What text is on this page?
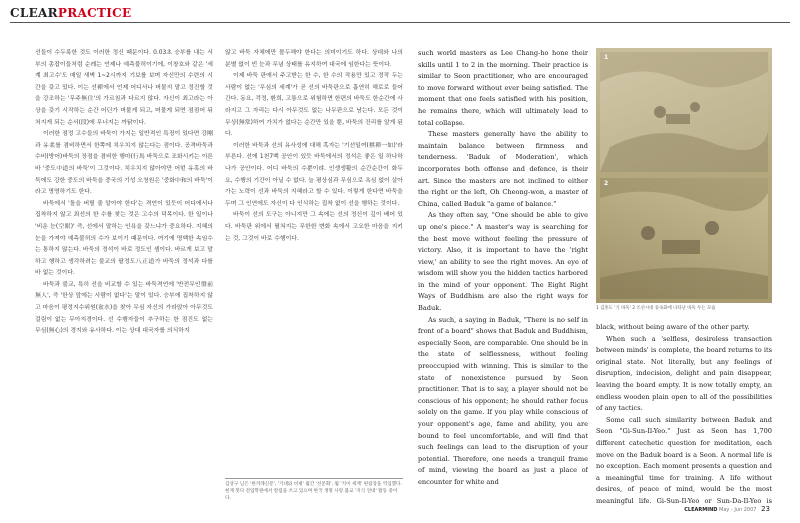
CLEARPRACTICE

선들이 수두룩한 것도 이러한 정신 때문이다. 0.03초 승부를 내는 서부의 총잡이들처럼 순례는 언제나 예측불허이기에, 이창호와 같은 '세계 최고수'도 매일 새벽 1~2시까지 기보를 보며 자신만의 수련의 시간을 갖고 있다. 이는 선禪에서 언제 어디서나 머물지 말고 정진할 것을 강조하는 '무주無住'의 가르침과 다르지 않다. 자신이 최고라는 아상을 갖기 시작하는 순간 어딘가 머물게 되고, 머물게 되면 점점어 뒤처지게 되는 순서(段)에 무너지는 까닭이다.

이러한 점정 고수들의 바둑이 가지는 일반적인 특징이 있다면 강剛과 유柔를 겸비하면서 한쪽에 치우치지 않는다는 점이다. 공격바둑과 수비(방어)바둑의 장점을 겸비한 행마(行馬 바둑으로 조화시키는 이른바 '중도中道의 바둑'이 그것이다. 치우치지 않아야만 어떤 유혹의 바둑에도 강한 중도의 바둑을 중국의 기성 오청원은 '중화中和의 바둑'이라고 명명하기도 한다.

바둑에서 '돌을 버릴 줄 알아야 한다'는 격언이 있듯이 어디에서나 집착하지 않고 최선의 한 수를 찾는 것은 고수의 덕목이다. 한 일이나 '비운 눈(空眼)' 즉, 선에서 말하는 인욕을 갖느냐가 중요하다. 지혜의 눈을 가져야 예측불허의 수가 보이기 때문이다. 여기에 명백한 속임수는 통하지 않는다. 바둑의 정석이 바로 정도인 셈이다. 바르게 보고 말하고 행하고 생각하려는 불교의 팔정도八正道가 바둑의 정석과 다를 바 없는 것이다.

바둑과 불교, 특히 선을 비교할 수 있는 바둑격언에 '반전무인盤前無人', 즉 '한상 앞에는 사람이 없다'는 말이 있다. 승부에 집착하지 않고 마음이 평정지수위원(盆水)을 찾아 무심 자신의 가라앉아 아무것도 걸림이 없는 무아지경이다. 선 수행자들이 추구하는 한 점진도 없는 무심(無心)의 경지와 유사하다. 이는 상대 대국자를 의식하지

않고 바둑 자체에만 몰두해야 한다는 의미이기도 하다. 상대와 나의 분별 없이 빈 눈과 무념 상태를 유지하여 대국에 임한다는 뜻이다.

이제 바둑 판에서 주고받는 한 수, 한 수의 작용만 있고 정작 두는 사람이 없는 '무심의 세계'가 곧 선의 바둑판으로 흡연히 해로로 들어간다. 동요, 걱정, 환희, 고통으로 위험하면 한편의 바둑도 한순간에 사라지고 그 자리는 다시 아무것도 없는 나무판으로 남는다. 모든 것이 무상(無常)하여 가치가 없다는 순간만 있을 뿐, 바둑의 진리를 알게 된다.

이러한 바둑과 선의 유사성에 대해 흑자는 '기선일여(棋禪一如)'라 부른다. 선에 1천7백 공안이 있듯 바둑에서의 정석은 좋은 일 하나하나가 공안이다. 어디 바둑의 수뿐이랴. 인생생활의 순간순간이 화두요, 수행의 기간이 아닐 수 없다. 늘 평상심과 무심으로 욕심 없이 살아가는 노력이 선과 바둑의 지혜라고 할 수 있다. 이렇게 한다면 바둑을 두며 그 인연에도 자신이 다 인식하는 집착 없이 선을 행하는 것이다.

바둑이 선의 도구는 아니지만 그 속에는 선의 정신이 깊이 배어 있다. 바둑판 위에서 펼쳐지는 무한한 변화 속에서 고요한 마음을 지키는 것, 그것이 바로 수행이다.

김상구 님은 '한겨레신문', '기대와 비평' 월간 '선문화', 월 '지이 세계' 편집장을 역임했다. 현재 붓다 전업학원에서 칼럼을 쓰고 있으며 한국 생명 사랑 불교 '지식 연대' 활동 중이다.

such world masters as Lee Chang-ho hone their skills until 1 to 2 in the morning. Their practice is similar to Seon practitioner, who are encouraged to move forward without ever being satisfied. The moment that one feels satisfied with his position, he remains there, which will ultimately lead to total collapse.

These masters generally have the ability to maintain balance between firmness and tenderness. 'Baduk of Moderation', which incorporates both offense and defence, is their art. Since the masters are not inclined to either the right or the left, Oh Cheong-won, a master of China, called Baduk "a game of balance."

As they often say, "One should be able to give up one's piece." A master's way is searching for the best move without feeling the pressure of victory. Also, it is important to have the 'right view,' an ability to see the right moves. An eye of wisdom will show you the hidden tactics harbored in the mind of your opponent. The Eight Right Ways of Buddhism are also the right ways for Baduk.

As such, a saying in Baduk, "There is no self in front of a board" shows that Baduk and Buddhism, especially Seon, are comparable. One should be in the state of selflessness, without feeling preoccupied with winning. This is similar to the state of nonexistence pursued by Seon practitioner. That is to say, a player should not be conscious of his opponent; he should rather focus solely on the game. If you play while conscious of your opponent's age, fame and ability, you are bound to feel uncomfortable, and will find that such feelings can lead to the disruption of your potential. Therefore, one needs a tranquil frame of mind, viewing the board as just a place of encounter for white and

1
2
1 김홍도 '기 바둑' 2 조선시대 풍속화에 나타난 바둑 두는 모습

black, without being aware of the other party.

When such a 'selfless, desireless transaction between minds' is complete, the board returns to its original state. Not literally, but any feelings of disruption, indecision, delight and pain disappear, leaving the board empty. It is now totally empty, an endless wooden plain open to all of the possibilities of any tactics.

Some call such similarity between Baduk and Seon "Gi-Sun-Il-Yeo." Just as Seon has 1,700 different catechetic question for meditation, each move on the Baduk board is a Seon. A normal life is no exception. Each moment presents a question and a meaningful time for training. A life without desires, of peace of mind, would be the most meaningful life. Gi-Sun-Il-Yeo or Sun-Da-Il-Yeo is

CLEARMIND May - Jun 2007 23
